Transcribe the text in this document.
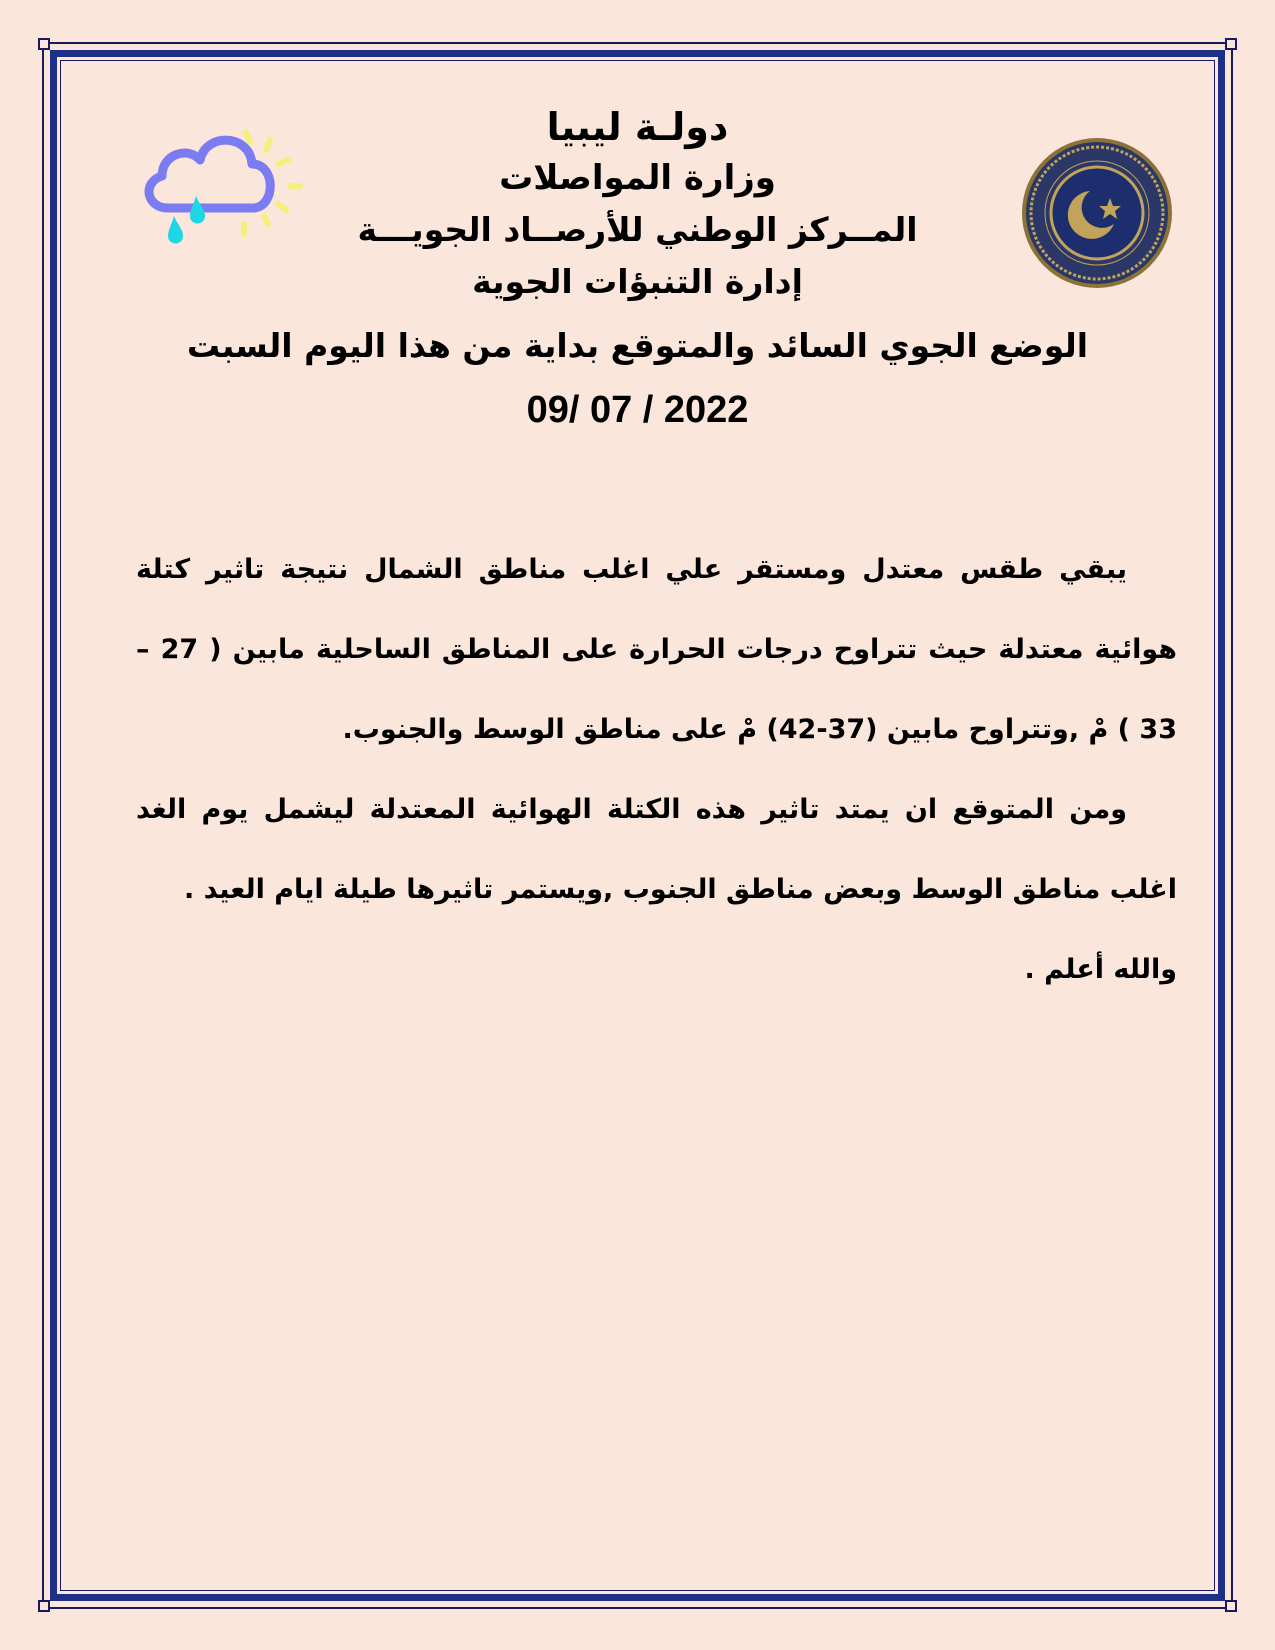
دولـة ليبيا
وزارة المواصلات
المــركز الوطني للأرصــاد الجويـــة
إدارة التنبؤات الجوية
الوضع الجوي السائد والمتوقع بداية من هذا اليوم السبت
09/ 07 / 2022

يبقي طقس معتدل ومستقر علي اغلب مناطق الشمال نتيجة تاثير كتلة هوائية معتدلة حيث تتراوح درجات الحرارة على المناطق الساحلية مابين ( 27 – 33 ) مْ ,وتتراوح مابين (37-42) مْ على مناطق الوسط والجنوب.

ومن المتوقع ان يمتد تاثير هذه الكتلة الهوائية المعتدلة ليشمل يوم الغد اغلب مناطق الوسط وبعض مناطق الجنوب ,ويستمر تاثيرها طيلة ايام العيد .

والله أعلم .
